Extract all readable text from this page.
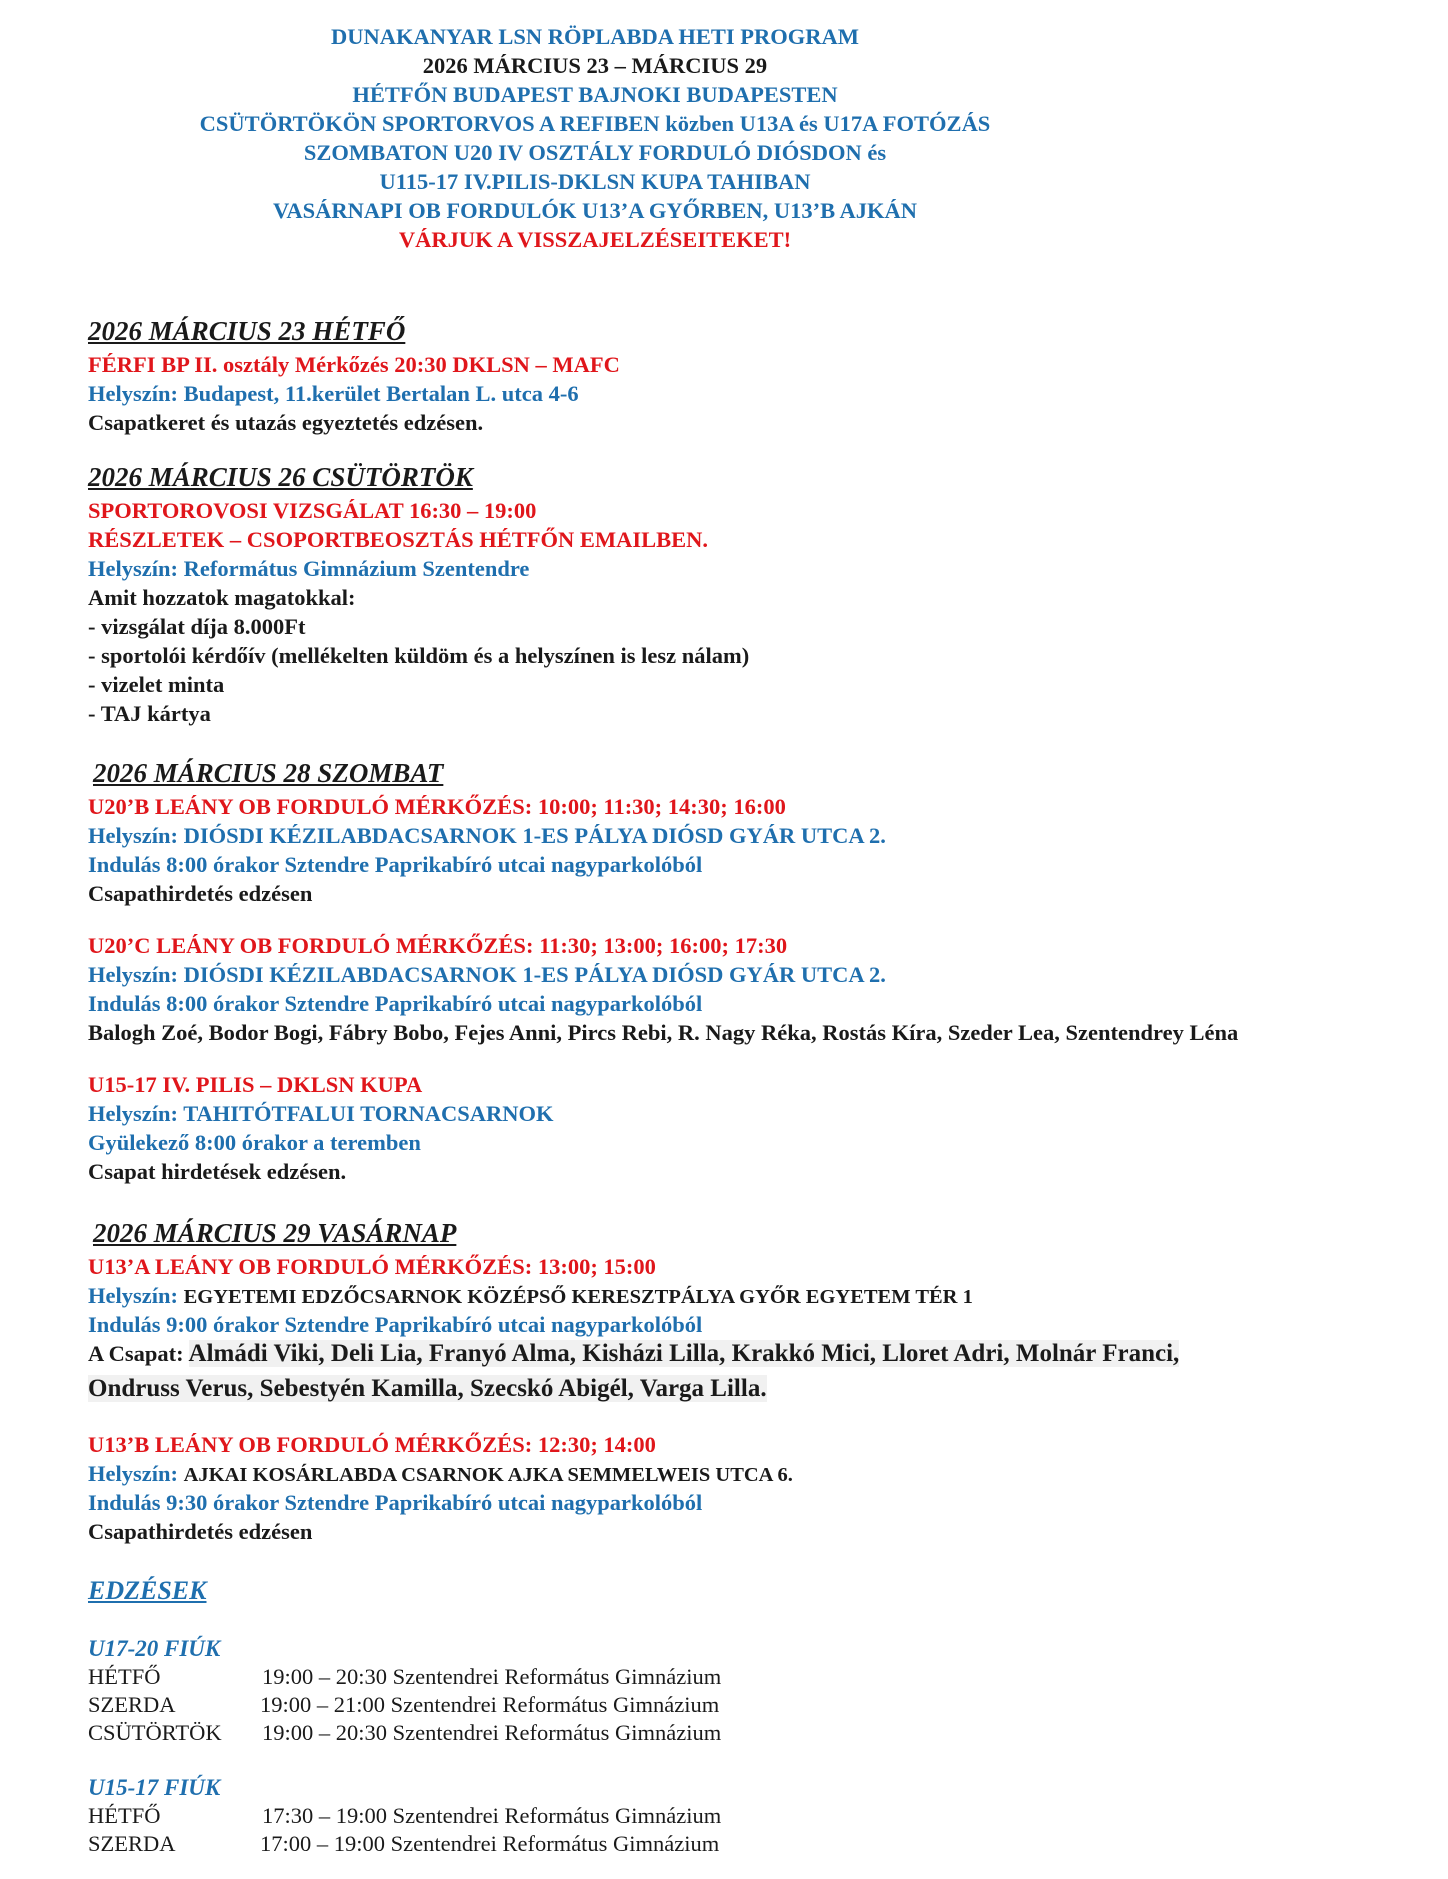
DUNAKANYAR LSN RÖPLABDA HETI PROGRAM
2026 MÁRCIUS 23 – MÁRCIUS 29
HÉTFŐN BUDAPEST BAJNOKI BUDAPESTEN
CSÜTÖRTÖKÖN SPORTORVOS A REFIBEN közben U13A és U17A FOTÓZÁS
SZOMBATON U20 IV OSZTÁLY FORDULÓ DIÓSDON és
U115-17 IV.PILIS-DKLSN KUPA TAHIBAN
VASÁRNAPI OB FORDULÓK U13’A GYŐRBEN, U13’B AJKÁN
VÁRJUK A VISSZAJELZÉSEITEKET!
2026 MÁRCIUS 23 HÉTFŐ
FÉRFI BP II. osztály Mérkőzés 20:30 DKLSN – MAFC
Helyszín: Budapest, 11.kerület Bertalan L. utca 4-6
Csapatkeret és utazás egyeztetés edzésen.
2026 MÁRCIUS 26 CSÜTÖRTÖK
SPORTOROVOSI VIZSGÁLAT 16:30 – 19:00
RÉSZLETEK – CSOPORTBEOSZTÁS HÉTFŐN EMAILBEN.
Helyszín: Református Gimnázium Szentendre
Amit hozzatok magatokkal:
- vizsgálat díja 8.000Ft
- sportolói kérdőív (mellékelten küldöm és a helyszínen is lesz nálam)
- vizelet minta
- TAJ kártya
2026 MÁRCIUS 28 SZOMBAT
U20’B LEÁNY OB FORDULÓ MÉRKŐZÉS: 10:00; 11:30; 14:30; 16:00
Helyszín: DIÓSDI KÉZILABDACSARNOK 1-ES PÁLYA DIÓSD GYÁR UTCA 2.
Indulás 8:00 órakor Sztendre Paprikabíró utcai nagyparkolóból
Csapathirdetés edzésen
U20’C LEÁNY OB FORDULÓ MÉRKŐZÉS: 11:30; 13:00; 16:00; 17:30
Helyszín: DIÓSDI KÉZILABDACSARNOK 1-ES PÁLYA DIÓSD GYÁR UTCA 2.
Indulás 8:00 órakor Sztendre Paprikabíró utcai nagyparkolóból
Balogh Zoé, Bodor Bogi, Fábry Bobo, Fejes Anni, Pircs Rebi, R. Nagy Réka, Rostás Kíra, Szeder Lea, Szentendrey Léna
U15-17 IV. PILIS – DKLSN KUPA
Helyszín: TAHITÓTFALUI TORNACSARNOK
Gyülekező 8:00 órakor a teremben
Csapat hirdetések edzésen.
2026 MÁRCIUS 29 VASÁRNAP
U13’A LEÁNY OB FORDULÓ MÉRKŐZÉS: 13:00; 15:00
Helyszín: EGYETEMI EDZŐCSARNOK KÖZÉPSŐ KERESZTPÁLYA GYŐR EGYETEM TÉR 1
Indulás 9:00 órakor Sztendre Paprikabíró utcai nagyparkolóból
A Csapat: Almádi Viki, Deli Lia, Franyó Alma, Kisházi Lilla, Krakkó Mici, Lloret Adri, Molnár Franci,
Ondruss Verus, Sebestyén Kamilla, Szecskó Abigél, Varga Lilla.
U13’B LEÁNY OB FORDULÓ MÉRKŐZÉS: 12:30; 14:00
Helyszín: AJKAI KOSÁRLABDA CSARNOK AJKA SEMMELWEIS UTCA 6.
Indulás 9:30 órakor Sztendre Paprikabíró utcai nagyparkolóból
Csapathirdetés edzésen
EDZÉSEK
U17-20 FIÚK
HÉTFŐ	19:00 – 20:30 Szentendrei Református Gimnázium
SZERDA	19:00 – 21:00 Szentendrei Református Gimnázium
CSÜTÖRTÖK 19:00 – 20:30 Szentendrei Református Gimnázium
U15-17 FIÚK
HÉTFŐ	17:30 – 19:00 Szentendrei Református Gimnázium
SZERDA	17:00 – 19:00 Szentendrei Református Gimnázium
